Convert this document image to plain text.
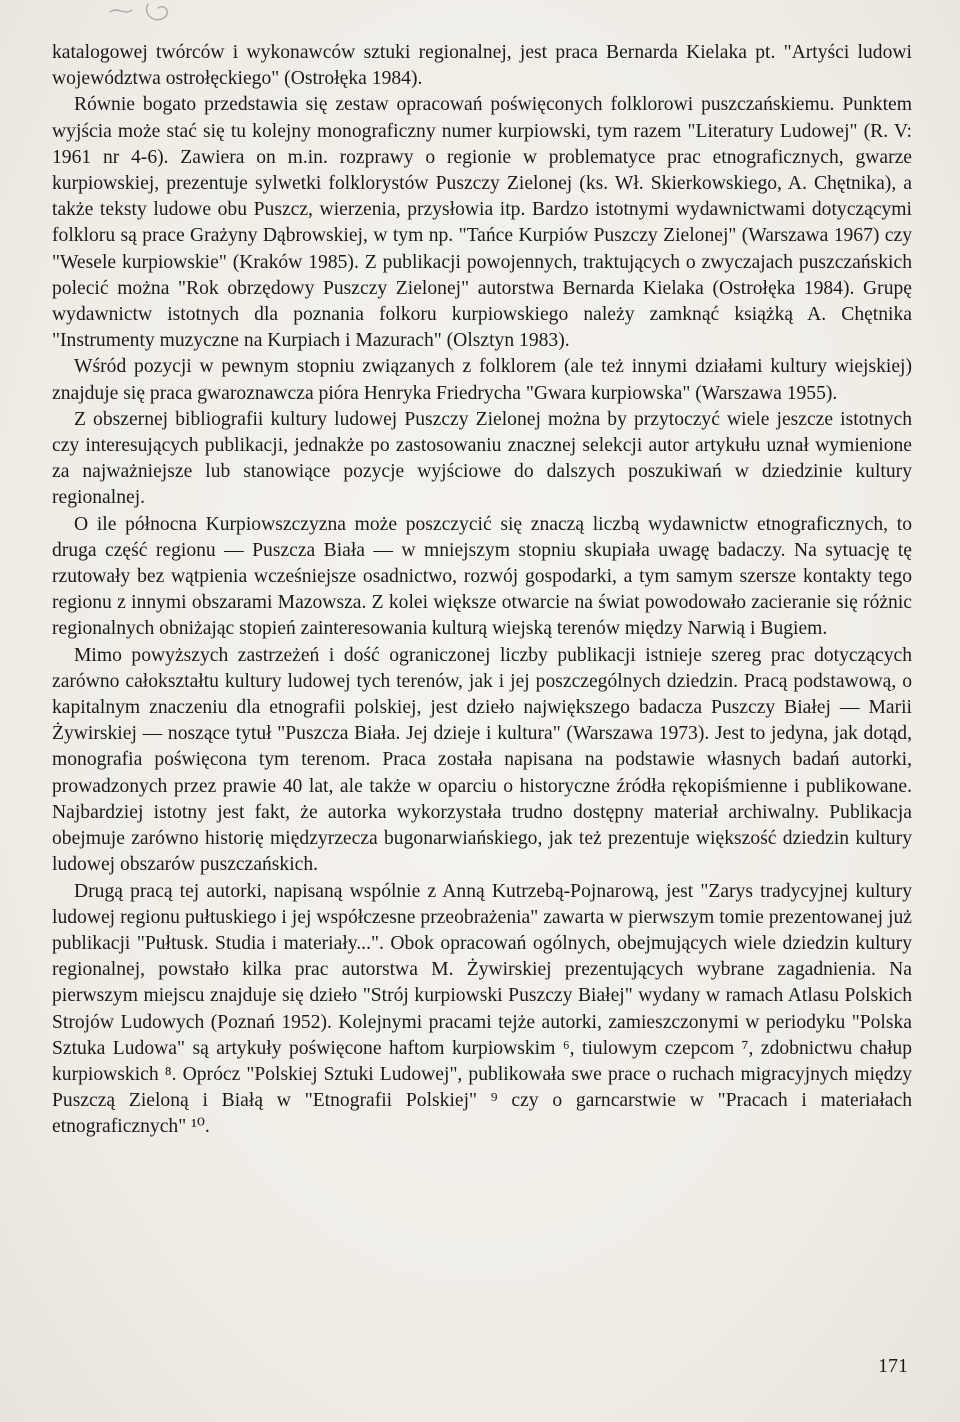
katalogowej twórców i wykonawców sztuki regionalnej, jest praca Bernarda Kielaka pt. "Artyści ludowi województwa ostrołęckiego" (Ostrołęka 1984).

Równie bogato przedstawia się zestaw opracowań poświęconych folklorowi puszczańskiemu. Punktem wyjścia może stać się tu kolejny monograficzny numer kurpiowski, tym razem "Literatury Ludowej" (R. V: 1961 nr 4-6). Zawiera on m.in. rozprawy o regionie w problematyce prac etnograficznych, gwarze kurpiowskiej, prezentuje sylwetki folklorystów Puszczy Zielonej (ks. Wł. Skierkowskiego, A. Chętnika), a także teksty ludowe obu Puszcz, wierzenia, przysłowia itp. Bardzo istotnymi wydawnictwami dotyczącymi folkloru są prace Grażyny Dąbrowskiej, w tym np. "Tańce Kurpiów Puszczy Zielonej" (Warszawa 1967) czy "Wesele kurpiowskie" (Kraków 1985). Z publikacji powojennych, traktujących o zwyczajach puszczańskich polecić można "Rok obrzędowy Puszczy Zielonej" autorstwa Bernarda Kielaka (Ostrołęka 1984). Grupę wydawnictw istotnych dla poznania folkoru kurpiowskiego należy zamknąć książką A. Chętnika "Instrumenty muzyczne na Kurpiach i Mazurach" (Olsztyn 1983).

Wśród pozycji w pewnym stopniu związanych z folklorem (ale też innymi działami kultury wiejskiej) znajduje się praca gwaroznawcza pióra Henryka Friedrycha "Gwara kurpiowska" (Warszawa 1955).

Z obszernej bibliografii kultury ludowej Puszczy Zielonej można by przytoczyć wiele jeszcze istotnych czy interesujących publikacji, jednakże po zastosowaniu znacznej selekcji autor artykułu uznał wymienione za najważniejsze lub stanowiące pozycje wyjściowe do dalszych poszukiwań w dziedzinie kultury regionalnej.

O ile północna Kurpiowszczyzna może poszczycić się znaczą liczbą wydawnictw etnograficznych, to druga część regionu — Puszcza Biała — w mniejszym stopniu skupiała uwagę badaczy. Na sytuację tę rzutowały bez wątpienia wcześniejsze osadnictwo, rozwój gospodarki, a tym samym szersze kontakty tego regionu z innymi obszarami Mazowsza. Z kolei większe otwarcie na świat powodowało zacieranie się różnic regionalnych obniżając stopień zainteresowania kulturą wiejską terenów między Narwią i Bugiem.

Mimo powyższych zastrzeżeń i dość ograniczonej liczby publikacji istnieje szereg prac dotyczących zarówno całokształtu kultury ludowej tych terenów, jak i jej poszczególnych dziedzin. Pracą podstawową, o kapitalnym znaczeniu dla etnografii polskiej, jest dzieło największego badacza Puszczy Białej — Marii Żywirskiej — noszące tytuł "Puszcza Biała. Jej dzieje i kultura" (Warszawa 1973). Jest to jedyna, jak dotąd, monografia poświęcona tym terenom. Praca została napisana na podstawie własnych badań autorki, prowadzonych przez prawie 40 lat, ale także w oparciu o historyczne źródła rękopiśmienne i publikowane. Najbardziej istotny jest fakt, że autorka wykorzystała trudno dostępny materiał archiwalny. Publikacja obejmuje zarówno historię międzyrzecza bugonarwiańskiego, jak też prezentuje większość dziedzin kultury ludowej obszarów puszczańskich.

Drugą pracą tej autorki, napisaną wspólnie z Anną Kutrzebą-Pojnarową, jest "Zarys tradycyjnej kultury ludowej regionu pułtuskiego i jej współczesne przeobrażenia" zawarta w pierwszym tomie prezentowanej już publikacji "Pułtusk. Studia i materiały...". Obok opracowań ogólnych, obejmujących wiele dziedzin kultury regionalnej, powstało kilka prac autorstwa M. Żywirskiej prezentujących wybrane zagadnienia. Na pierwszym miejscu znajduje się dzieło "Strój kurpiowski Puszczy Białej" wydany w ramach Atlasu Polskich Strojów Ludowych (Poznań 1952). Kolejnymi pracami tejże autorki, zamieszczonymi w periodyku "Polska Sztuka Ludowa" są artykuły poświęcone haftom kurpiowskim ⁶, tiulowym czepcom ⁷, zdobnictwu chałup kurpiowskich ⁸. Oprócz "Polskiej Sztuki Ludowej", publikowała swe prace o ruchach migracyjnych między Puszczą Zieloną i Białą w "Etnografii Polskiej" ⁹ czy o garncarstwie w "Pracach i materiałach etnograficznych" ¹⁰.

171
